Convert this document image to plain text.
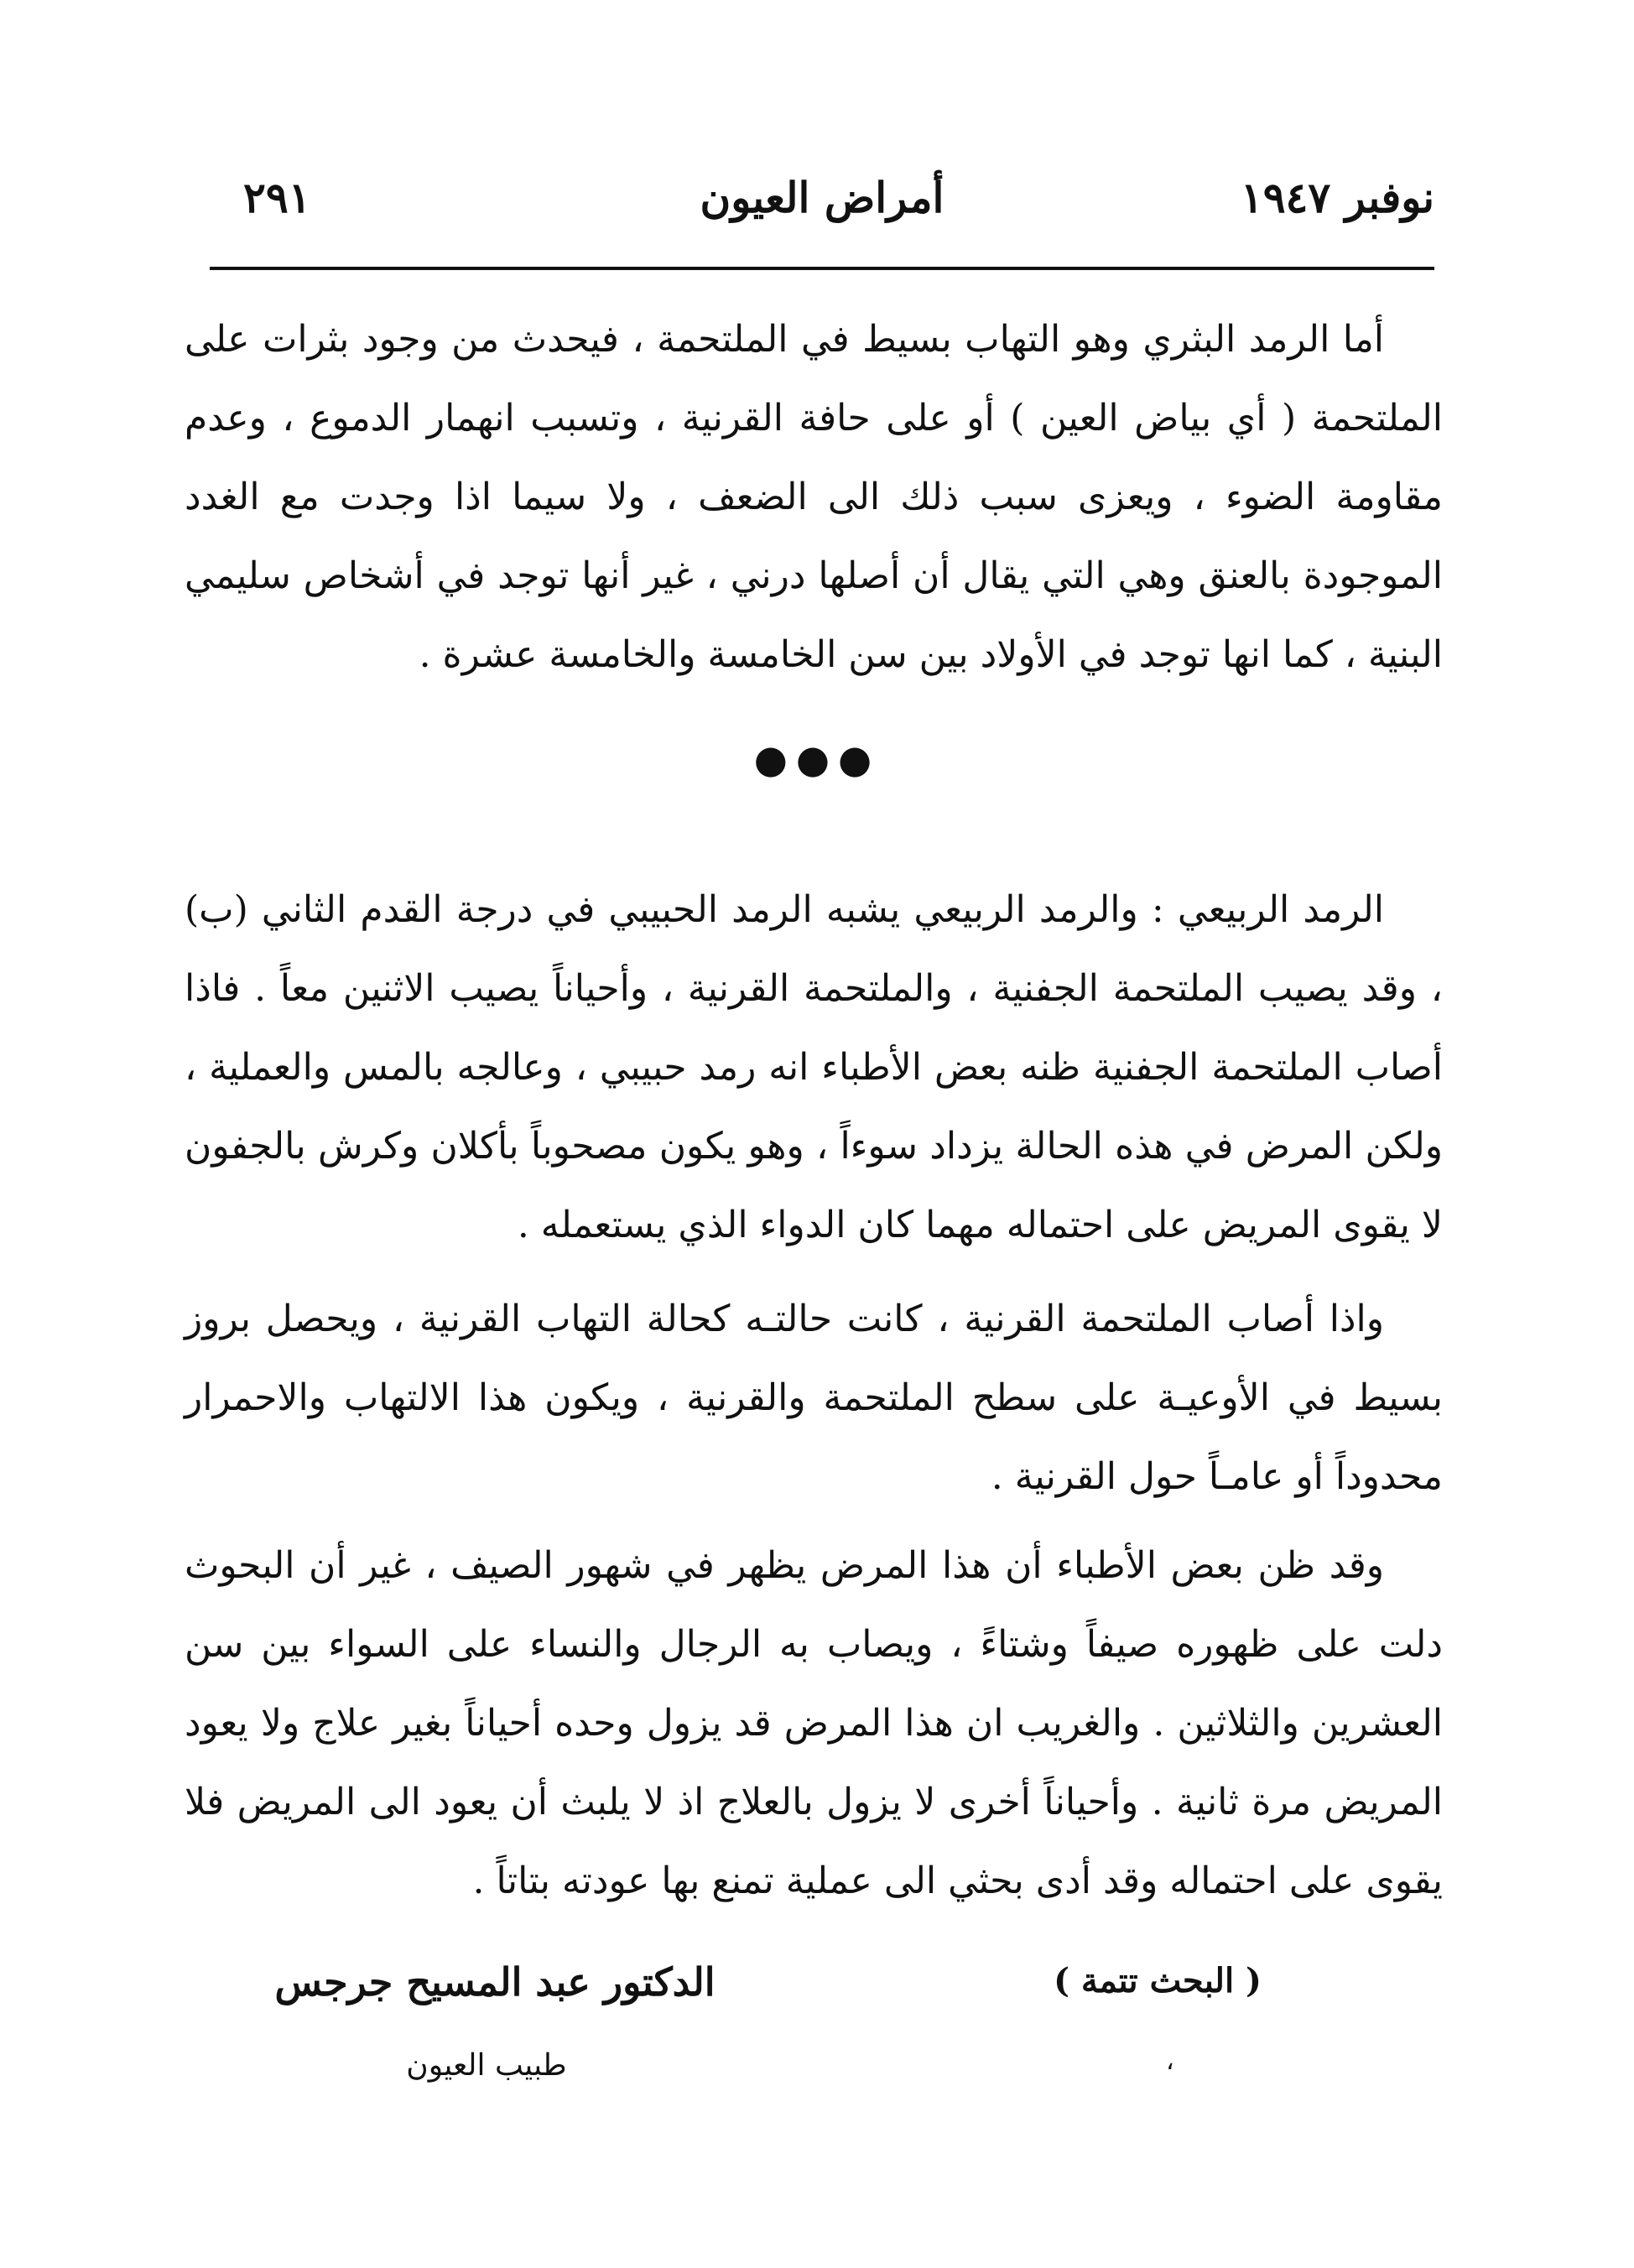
نوفبر ١٩٤٧
أمراض العيون
٢٩١

أما الرمد البثري وهو التهاب بسيط في الملتحمة ، فيحدث من وجود بثرات على الملتحمة ( أي بياض العين ) أو على حافة القرنية ، وتسبب انهمار الدموع ، وعدم مقاومة الضوء ، ويعزى سبب ذلك الى الضعف ، ولا سيما اذا وجدت مع الغدد الموجودة بالعنق وهي التي يقال أن أصلها درني ، غير أنها توجد في أشخاص سليمي البنية ، كما انها توجد في الأولاد بين سن الخامسة والخامسة عشرة .

●●●

الرمد الربيعي : والرمد الربيعي يشبه الرمد الحبيبي في درجة القدم الثاني (ب) ، وقد يصيب الملتحمة الجفنية ، والملتحمة القرنية ، وأحياناً يصيب الاثنين معاً . فاذا أصاب الملتحمة الجفنية ظنه بعض الأطباء انه رمد حبيبي ، وعالجه بالمس والعملية ، ولكن المرض في هذه الحالة يزداد سوءاً ، وهو يكون مصحوباً بأكلان وكرش بالجفون لا يقوى المريض على احتماله مهما كان الدواء الذي يستعمله .

واذا أصاب الملتحمة القرنية ، كانت حالتـه كحالة التهاب القرنية ، ويحصل بروز بسيط في الأوعيـة على سطح الملتحمة والقرنية ، ويكون هذا الالتهاب والاحمرار محدوداً أو عامـاً حول القرنية .

وقد ظن بعض الأطباء أن هذا المرض يظهر في شهور الصيف ، غير أن البحوث دلت على ظهوره صيفاً وشتاءً ، ويصاب به الرجال والنساء على السواء بين سن العشرين والثلاثين . والغريب ان هذا المرض قد يزول وحده أحياناً بغير علاج ولا يعود المريض مرة ثانية . وأحياناً أخرى لا يزول بالعلاج اذ لا يلبث أن يعود الى المريض فلا يقوى على احتماله وقد أدى بحثي الى عملية تمنع بها عودته بتاتاً .

( البحث تتمة )
الدكتور عبد المسيح جرجس
طبيب العيون	،
